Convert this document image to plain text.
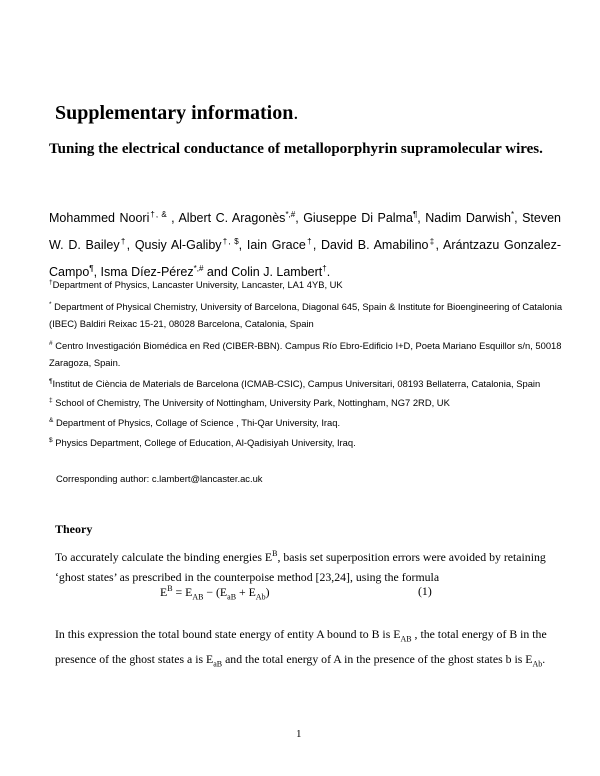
Supplementary information.
Tuning the electrical conductance of metalloporphyrin supramolecular wires.
Mohammed Noori†, & , Albert C. Aragonès*,#, Giuseppe Di Palma¶, Nadim Darwish*, Steven W. D. Bailey†, Qusiy Al-Galiby†, $, Iain Grace†, David B. Amabilino‡, Arántzazu Gonzalez-Campo¶, Isma Díez-Pérez*,# and Colin J. Lambert†.
†Department of Physics, Lancaster University, Lancaster, LA1 4YB, UK
* Department of Physical Chemistry, University of Barcelona, Diagonal 645, Spain & Institute for Bioengineering of Catalonia (IBEC) Baldiri Reixac 15-21, 08028 Barcelona, Catalonia, Spain
# Centro Investigación Biomédica en Red (CIBER-BBN). Campus Río Ebro-Edificio I+D, Poeta Mariano Esquillor s/n, 50018 Zaragoza, Spain.
¶Institut de Ciència de Materials de Barcelona (ICMAB-CSIC), Campus Universitari, 08193 Bellaterra, Catalonia, Spain
‡ School of Chemistry, The University of Nottingham, University Park, Nottingham, NG7 2RD, UK
& Department of Physics, Collage of Science , Thi-Qar University, Iraq.
$ Physics Department, College of Education, Al-Qadisiyah University, Iraq.
Corresponding author: c.lambert@lancaster.ac.uk
Theory
To accurately calculate the binding energies $E^B$, basis set superposition errors were avoided by retaining ‘ghost states’ as prescribed in the counterpoise method [23,24], using the formula
$E^B = E_{AB} - (E_{aB} + E_{Ab})$	(1)
In this expression the total bound state energy of entity A bound to B is $E_{AB}$ , the total energy of B in the presence of the ghost states a is $E_{aB}$ and the total energy of A in the presence of the ghost states b is $E_{Ab}$.
1
